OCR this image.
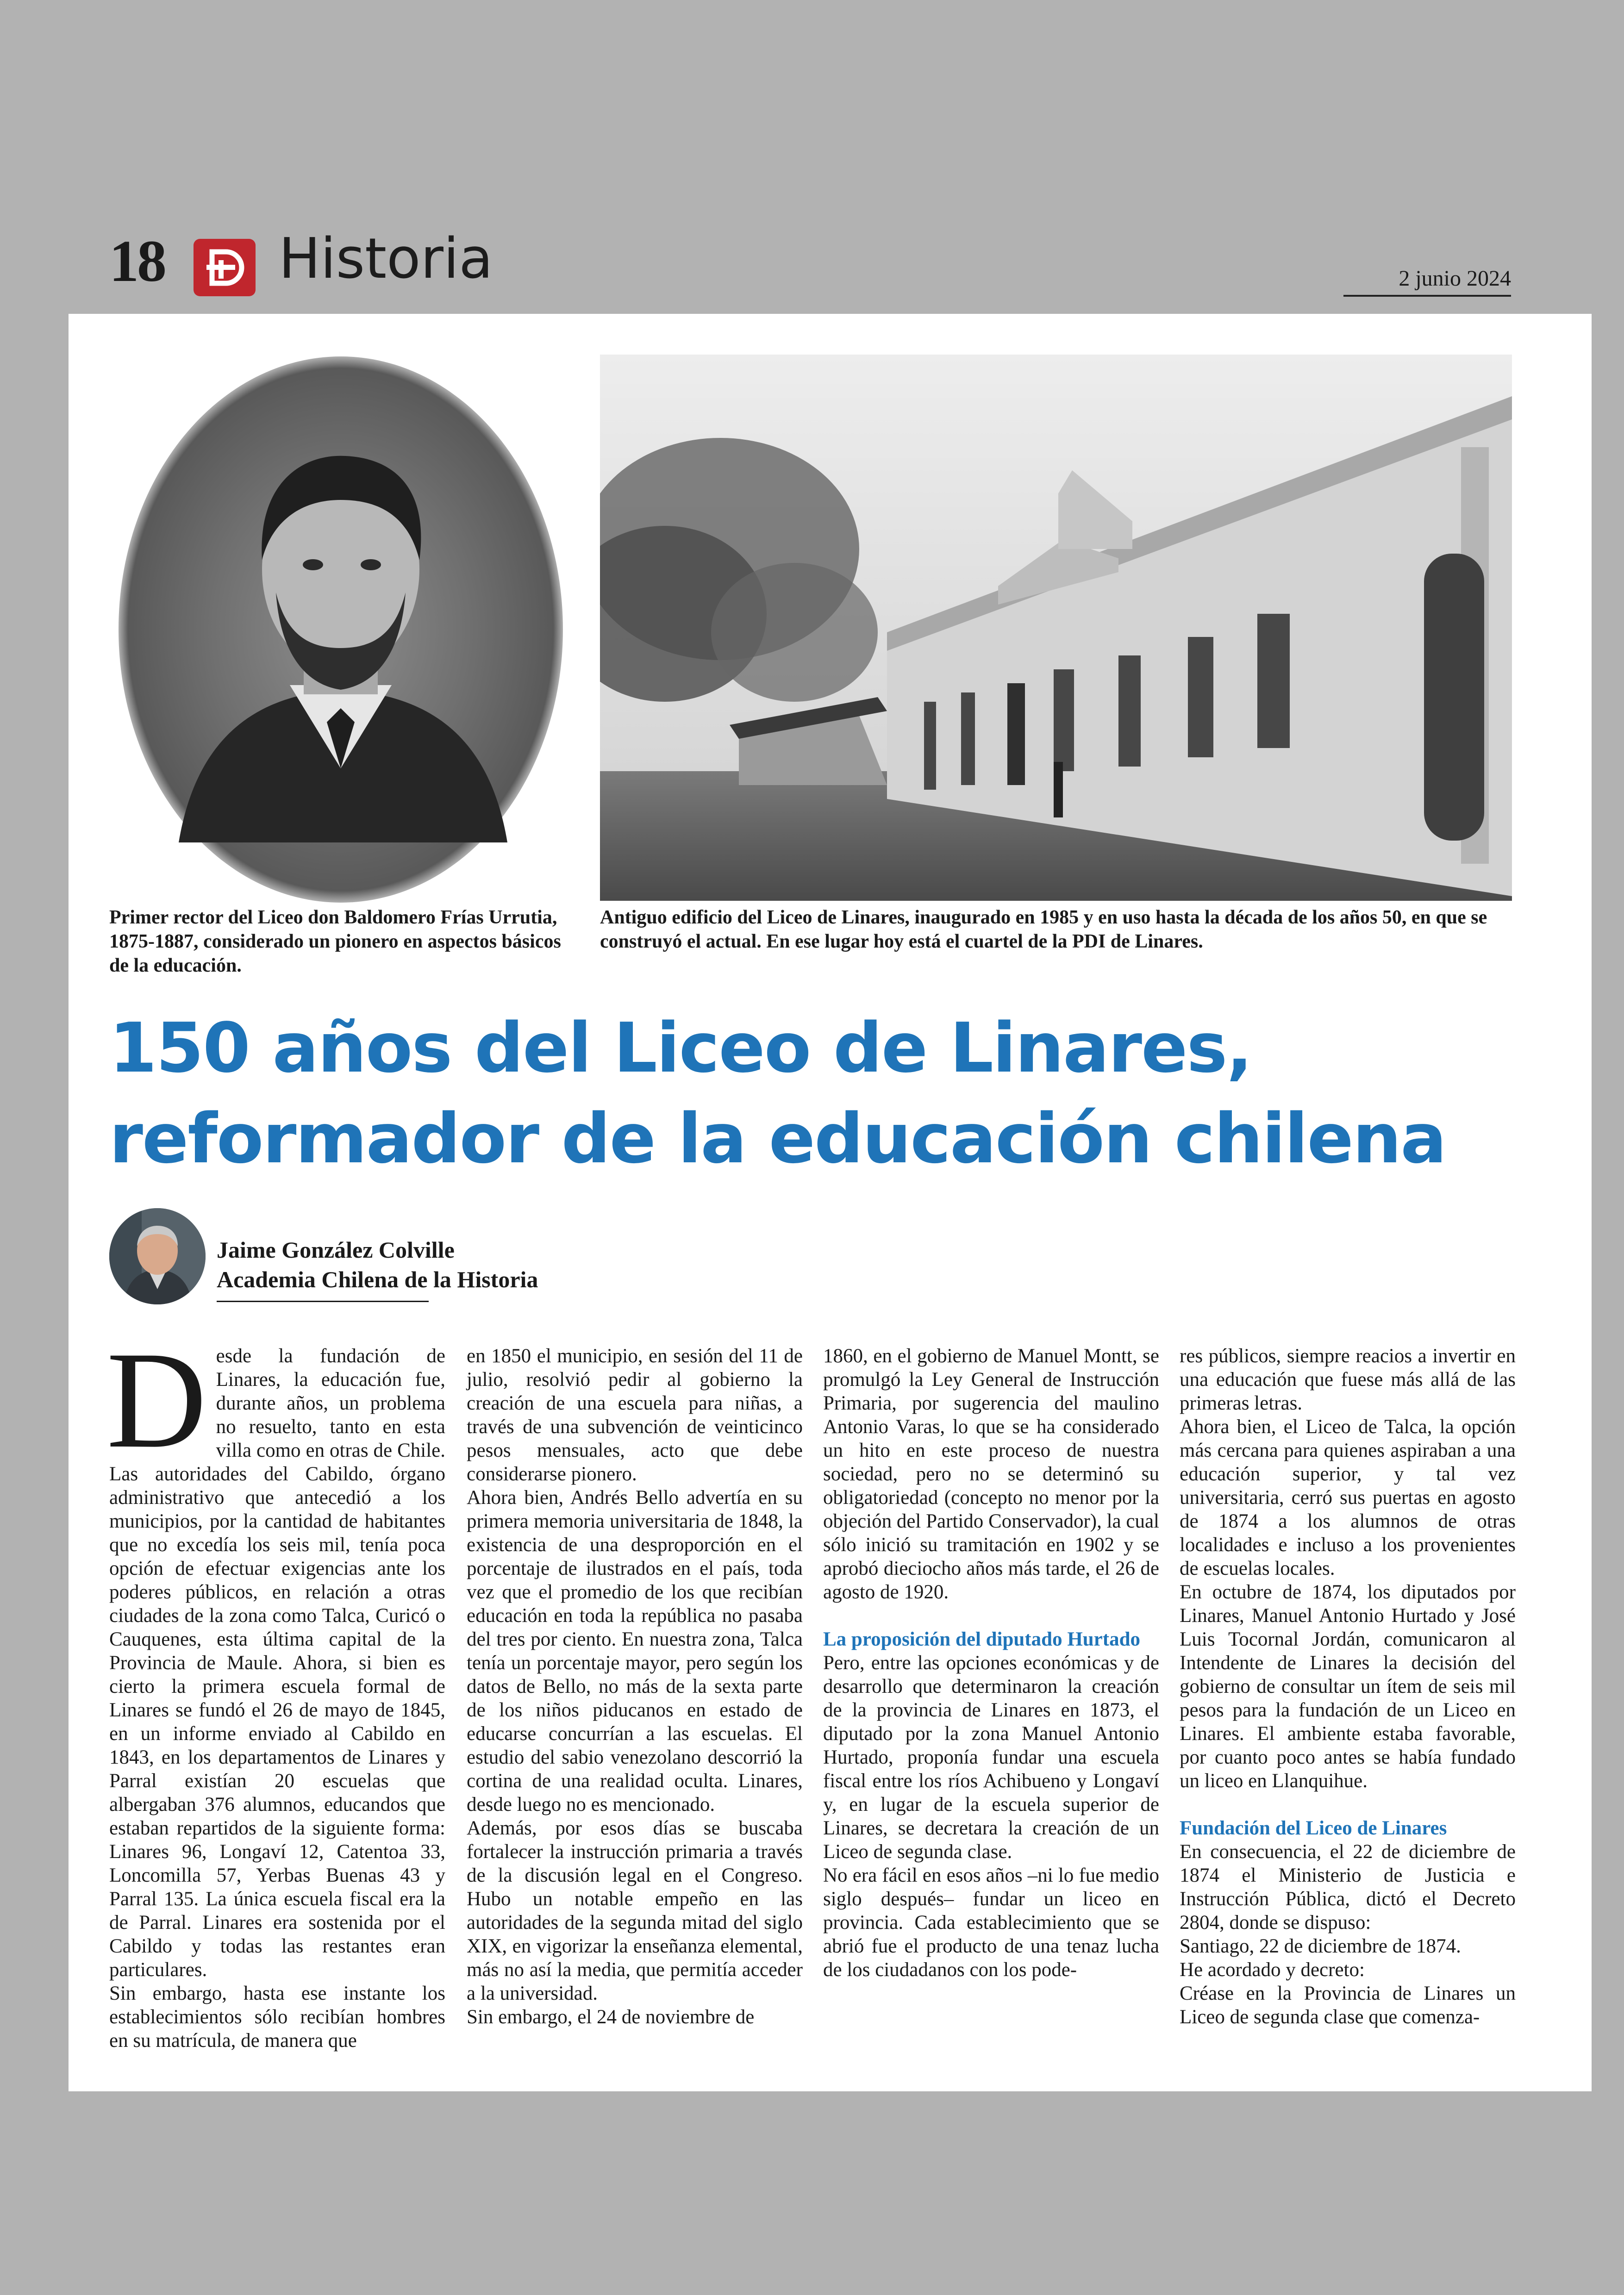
18 Historia	2 junio 2024
Primer rector del Liceo don Baldomero Frías Urrutia, 1875-1887, considerado un pionero en aspectos básicos de la educación.
Antiguo edificio del Liceo de Linares, inaugurado en 1985 y en uso hasta la década de los años 50, en que se construyó el actual. En ese lugar hoy está el cuartel de la PDI de Linares.
150 años del Liceo de Linares,
reformador de la educación chilena
Jaime González Colville
Academia Chilena de la Historia
D esde la fundación de Linares, la educación fue, durante años, un problema no resuelto, tanto en esta villa como en otras de Chile. Las autoridades del Cabildo, órgano administrativo que antecedió a los municipios, por la cantidad de habitantes que no excedía los seis mil, tenía poca opción de efectuar exigencias ante los poderes públicos, en relación a otras ciudades de la zona como Talca, Curicó o Cauquenes, esta última capital de la Provincia de Maule. Ahora, si bien es cierto la primera escuela formal de Linares se fundó el 26 de mayo de 1845, en un informe enviado al Cabildo en 1843, en los departamentos de Linares y Parral existían 20 escuelas que albergaban 376 alumnos, educandos que estaban repartidos de la siguiente forma: Linares 96, Longaví 12, Catentoa 33, Loncomilla 57, Yerbas Buenas 43 y Parral 135. La única escuela fiscal era la de Parral. Linares era sostenida por el Cabildo y todas las restantes eran particulares.

Sin embargo, hasta ese instante los establecimientos sólo recibían hombres en su matrícula, de manera que

en 1850 el municipio, en sesión del 11 de julio, resolvió pedir al gobierno la creación de una escuela para niñas, a través de una subvención de veinticinco pesos mensuales, acto que debe considerarse pionero.

Ahora bien, Andrés Bello advertía en su primera memoria universitaria de 1848, la existencia de una desproporción en el porcentaje de ilustrados en el país, toda vez que el promedio de los que recibían educación en toda la república no pasaba del tres por ciento. En nuestra zona, Talca tenía un porcentaje mayor, pero según los datos de Bello, no más de la sexta parte de los niños piducanos en estado de educarse concurrían a las escuelas. El estudio del sabio venezolano descorrió la cortina de una realidad oculta. Linares, desde luego no es mencionado.

Además, por esos días se buscaba fortalecer la instrucción primaria a través de la discusión legal en el Congreso. Hubo un notable empeño en las autoridades de la segunda mitad del siglo XIX, en vigorizar la enseñanza elemental, más no así la media, que permitía acceder a la universidad.

Sin embargo, el 24 de noviembre de

1860, en el gobierno de Manuel Montt, se promulgó la Ley General de Instrucción Primaria, por sugerencia del maulino Antonio Varas, lo que se ha considerado un hito en este proceso de nuestra sociedad, pero no se determinó su obligatoriedad (concepto no menor por la objeción del Partido Conservador), la cual sólo inició su tramitación en 1902 y se aprobó dieciocho años más tarde, el 26 de agosto de 1920.

La proposición del diputado Hurtado

Pero, entre las opciones económicas y de desarrollo que determinaron la creación de la provincia de Linares en 1873, el diputado por la zona Manuel Antonio Hurtado, proponía fundar una escuela fiscal entre los ríos Achibueno y Longaví y, en lugar de la escuela superior de Linares, se decretara la creación de un Liceo de segunda clase.

No era fácil en esos años –ni lo fue medio siglo después– fundar un liceo en provincia. Cada establecimiento que se abrió fue el producto de una tenaz lucha de los ciudadanos con los pode-

res públicos, siempre reacios a invertir en una educación que fuese más allá de las primeras letras.

Ahora bien, el Liceo de Talca, la opción más cercana para quienes aspiraban a una educación superior, y tal vez universitaria, cerró sus puertas en agosto de 1874 a los alumnos de otras localidades e incluso a los provenientes de escuelas locales.

En octubre de 1874, los diputados por Linares, Manuel Antonio Hurtado y José Luis Tocornal Jordán, comunicaron al Intendente de Linares la decisión del gobierno de consultar un ítem de seis mil pesos para la fundación de un Liceo en Linares. El ambiente estaba favorable, por cuanto poco antes se había fundado un liceo en Llanquihue.

Fundación del Liceo de Linares

En consecuencia, el 22 de diciembre de 1874 el Ministerio de Justicia e Instrucción Pública, dictó el Decreto 2804, donde se dispuso:

Santiago, 22 de diciembre de 1874.

He acordado y decreto:

Créase en la Provincia de Linares un Liceo de segunda clase que comenza-
